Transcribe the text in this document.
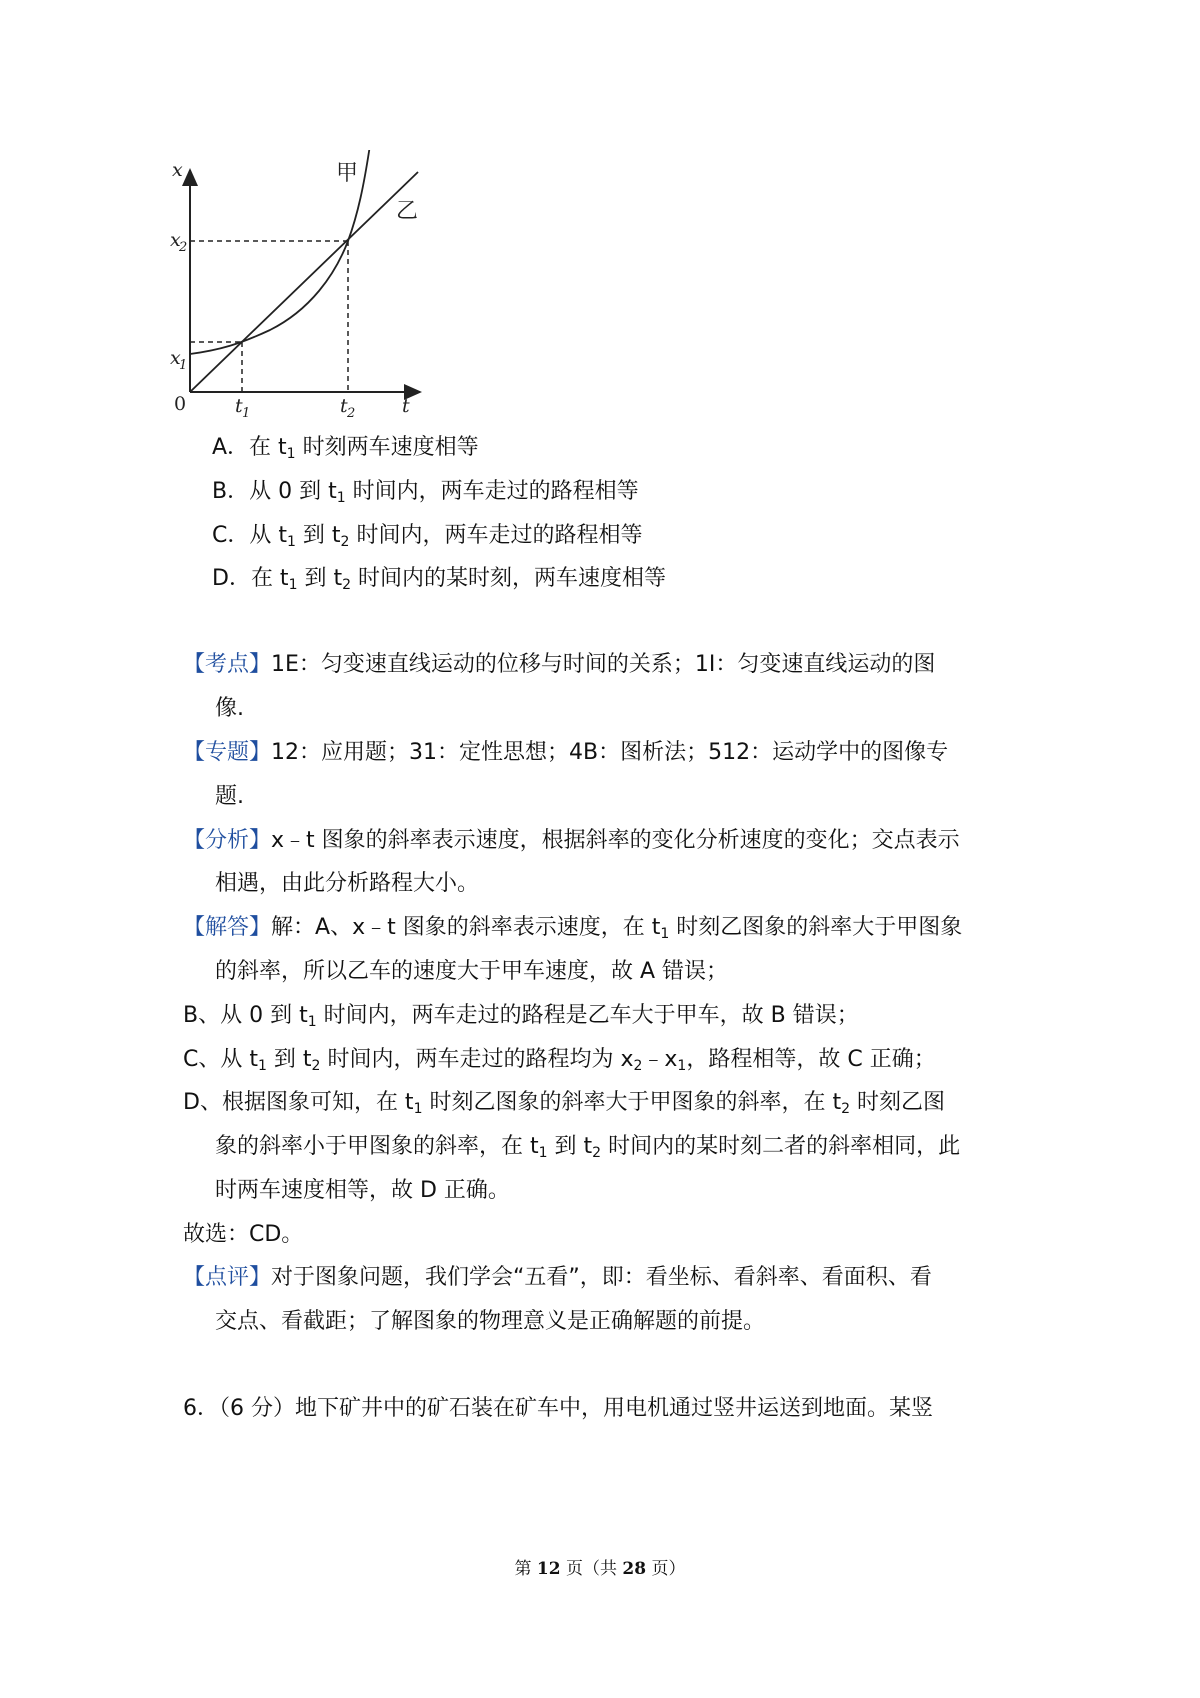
x
t
0
x
1
x
2
t 1	t 2
甲
乙
A．在 $t_1$ 时刻两车速度相等
B．从 0 到 $t_1$ 时间内，两车走过的路程相等
C．从 $t_1$ 到 $t_2$ 时间内，两车走过的路程相等
D．在 $t_1$ 到 $t_2$ 时间内的某时刻，两车速度相等
【考点】1E：匀变速直线运动的位移与时间的关系；1I：匀变速直线运动的图
像.
【专题】12：应用题；31：定性思想；4B：图析法；512：运动学中的图像专
题.
【分析】x﹣t 图象的斜率表示速度，根据斜率的变化分析速度的变化；交点表示
相遇，由此分析路程大小。
【解答】解：A、x﹣t 图象的斜率表示速度，在 $t_1$ 时刻乙图象的斜率大于甲图象
的斜率，所以乙车的速度大于甲车速度，故 A 错误；
B、从 0 到 $t_1$ 时间内，两车走过的路程是乙车大于甲车，故 B 错误；
C、从 $t_1$ 到 $t_2$ 时间内，两车走过的路程均为 $x_2﹣x_1$，路程相等，故 C 正确；
D、根据图象可知，在 $t_1$ 时刻乙图象的斜率大于甲图象的斜率，在 $t_2$ 时刻乙图
象的斜率小于甲图象的斜率，在 $t_1$ 到 $t_2$ 时间内的某时刻二者的斜率相同，此
时两车速度相等，故 D 正确。
故选：CD。
【点评】对于图象问题，我们学会“五看”，即：看坐标、看斜率、看面积、看
交点、看截距；了解图象的物理意义是正确解题的前提。
6．（6 分）地下矿井中的矿石装在矿车中，用电机通过竖井运送到地面。某竖
第 12 页（共 28 页）
